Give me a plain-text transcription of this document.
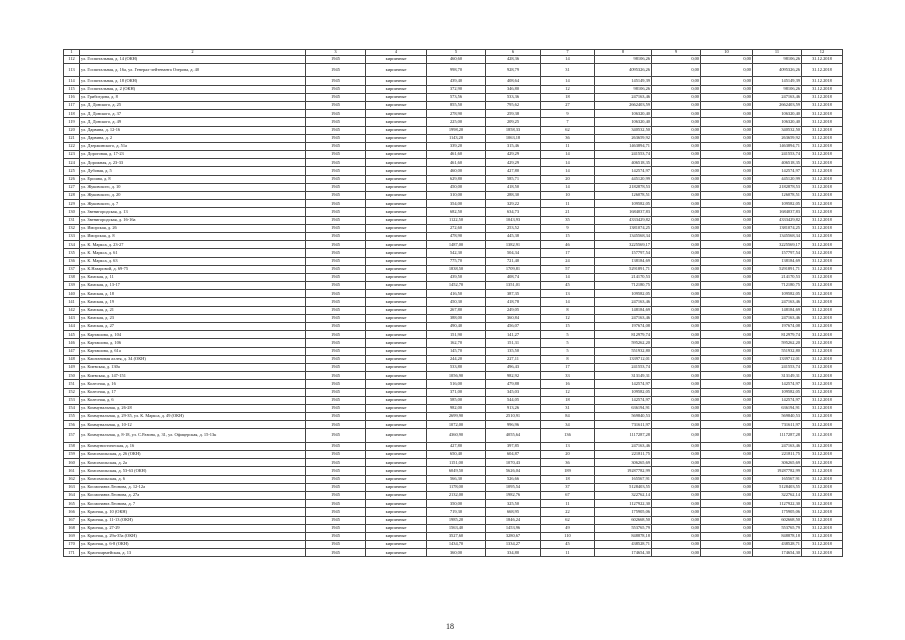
1	2	3	4	5	6	7	8	9	10	11	12
112	ул. Госпитальная, д. 14 (ОКН)	1945	кирпичные	460,60	428,36	14	98106,26	0,00	0,00	98106,26	31.12.2018
113	ул. Госпитальная, д. 16а, ул. Генерал-лейтенанта Озерова, д. 40	1945	кирпичные	998,70	928,79	31	4095326,26	0,00	0,00	4095326,26	31.12.2018
114	ул. Госпитальная, д. 18 (ОКН)	1945	кирпичные	439,40	408,64	14	145149,39	0,00	0,00	145149,39	31.12.2018
115	ул. Госпитальная, д. 2 (ОКН)	1945	кирпичные	372,90	346,80	12	98106,26	0,00	0,00	98106,26	31.12.2018
116	ул. Грибоедова, д. 8	1945	кирпичные	573,56	533,36	18	247163,46	0,00	0,00	247163,46	31.12.2018
117	ул. Д. Донского, д. 25	1945	кирпичные	855,50	795,62	27	2662403,59	0,00	0,00	2662403,59	31.12.2018
118	ул. Д. Донского, д. 37	1945	кирпичные	278,90	259,38	9	106320,40	0,00	0,00	106320,40	31.12.2018
119	ул. Д. Донского, д. 49	1945	кирпичные	225,00	209,25	7	106320,40	0,00	0,00	106320,40	31.12.2018
120	ул. Дарвина, д. 12-16	1945	кирпичные	1998,20	1858,33	62	340532,50	0,00	0,00	340532,50	31.12.2018
121	ул. Дарвина, д. 2	1945	кирпичные	1143,20	1063,18	36	263659,92	0,00	0,00	263659,92	31.12.2018
122	ул. Дзержинского, д. 51а	1945	кирпичные	339,20	315,46	11	1463894,71	0,00	0,00	1463894,71	31.12.2018
123	ул. Дороговая, д. 17-23	1945	кирпичные	461,60	429,29	14	241553,74	0,00	0,00	241553,74	31.12.2018
124	ул. Дорожная, д. 23-33	1945	кирпичные	461,60	429,29	14	406518,35	0,00	0,00	406518,35	31.12.2018
125	ул. Дубовая, д. 5	1945	кирпичные	460,00	427,80	14	142574,97	0,00	0,00	142574,97	31.12.2018
126	ул. Ерошва, д. 8	1945	кирпичные	629,80	585,71	20	445120,99	0,00	0,00	445120,99	31.12.2018
127	ул. Жуковского, д. 10	1945	кирпичные	450,00	418,50	14	2182878,53	0,00	0,00	2182878,53	31.12.2018
128	ул. Жуковского, д. 20	1945	кирпичные	310,00	288,30	10	126078,51	0,00	0,00	126078,51	31.12.2018
129	ул. Жуковского, д. 7	1945	кирпичные	354,00	329,22	11	109582,05	0,00	0,00	109582,05	31.12.2018
130	ул. Звенигородская, д. 13	1945	кирпичные	682,50	634,73	21	1684037,83	0,00	0,00	1684037,83	31.12.2018
131	ул. Звенигородская, д. 16-16а	1945	кирпичные	1122,50	1043,93	35	4333429,82	0,00	0,00	4333429,82	31.12.2018
132	ул. Иморская, д. 26	1945	кирпичные	272,60	253,52	9	1381074,25	0,00	0,00	1381074,25	31.12.2018
133	ул. Иморская, д. 8	1945	кирпичные	478,90	445,38	15	1345568,34	0,00	0,00	1345568,34	31.12.2018
134	ул. К. Маркса, д. 23-27	1945	кирпичные	1487,00	1382,91	46	3225569,17	0,00	0,00	3225569,17	31.12.2018
135	ул. К. Маркса, д. 61	1945	кирпичные	542,30	504,34	17	157797,54	0,00	0,00	157797,54	31.12.2018
136	ул. К. Маркса, д. 63	1945	кирпичные	775,70	721,40	24	138184,69	0,00	0,00	138184,69	31.12.2018
137	ул. К.Назаровой, д. 69-75	1945	кирпичные	1838,50	1709,81	57	5291891,71	0,00	0,00	5291891,71	31.12.2018
138	ул. Камская, д. 11	1945	кирпичные	439,50	408,74	14	214170,53	0,00	0,00	214170,53	31.12.2018
139	ул. Камская, д. 13-17	1945	кирпичные	1452,70	1351,01	45	712180,75	0,00	0,00	712180,75	31.12.2018
140	ул. Камская, д. 18	1945	кирпичные	416,50	387,35	13	109582,05	0,00	0,00	109582,05	31.12.2018
141	ул. Камская, д. 19	1945	кирпичные	450,30	418,78	14	247163,46	0,00	0,00	247163,46	31.12.2018
142	ул. Камская, д. 21	1945	кирпичные	267,80	249,05	8	148184,69	0,00	0,00	148184,69	31.12.2018
143	ул. Камская, д. 23	1945	кирпичные	388,00	360,84	12	247163,46	0,00	0,00	247163,46	31.12.2018
144	ул. Камская, д. 27	1945	кирпичные	490,40	456,07	15	197674,08	0,00	0,00	197674,08	31.12.2018
145	ул. Карташова, д. 104	1945	кирпичные	151,90	141,27	5	812979,74	0,00	0,00	812979,74	31.12.2018
146	ул. Карташова, д. 106	1945	кирпичные	162,70	151,31	5	595262,20	0,00	0,00	595262,20	31.12.2018
147	ул. Карташова, д. 61а	1945	кирпичные	145,70	135,50	5	551932,80	0,00	0,00	551932,80	31.12.2018
148	ул. Каштановая аллея, д. 34 (ОКН)	1945	кирпичные	244,20	227,11	8	1339712,01	0,00	0,00	1339712,01	31.12.2018
149	ул. Киевская, д. 130а	1945	кирпичные	533,80	496,43	17	241553,74	0,00	0,00	241553,74	31.12.2018
150	ул. Киевская, д. 147-151	1945	кирпичные	1056,90	982,92	33	313149,31	0,00	0,00	313149,31	31.12.2018
151	ул. Колесная, д. 16	1945	кирпичные	516,00	479,88	16	142574,97	0,00	0,00	142574,97	31.12.2018
152	ул. Колесная, д. 17	1945	кирпичные	371,00	345,03	12	109582,05	0,00	0,00	109582,05	31.12.2018
153	ул. Колесная, д. 6	1945	кирпичные	585,00	544,05	18	142574,97	0,00	0,00	142574,97	31.12.2018
154	ул. Коммунальная, д. 26-28	1945	кирпичные	982,00	913,26	31	636194,91	0,00	0,00	636194,91	31.12.2018
155	ул. Коммунальная, д. 29-35, ул. К. Маркса, д. 49 (ОКН)	1945	кирпичные	2699,90	2510,91	84	569840,53	0,00	0,00	569840,53	31.12.2018
156	ул. Коммунальная, д. 10-12	1945	кирпичные	1072,00	996,96	34	731611,97	0,00	0,00	731611,97	31.12.2018
157	ул. Коммунальная, д. 8-18, ул. С.Разина, д. 31, ул. Офицерская, д. 15-13к	1945	кирпичные	4360,90	4055,64	136	1117287,28	0,00	0,00	1117287,28	31.12.2018
158	ул. Коммунистическая, д. 16	1945	кирпичные	427,80	397,85	13	247163,46	0,00	0,00	247163,46	31.12.2018
159	ул. Комсомольская, д. 26 (ОКН)	1945	кирпичные	650,40	604,87	20	221811,75	0,00	0,00	221811,75	31.12.2018
160	ул. Комсомольская, д. 2а	1945	кирпичные	1151,00	1070,43	36	306265,69	0,00	0,00	306265,69	31.12.2018
161	ул. Комсомольская, д. 53-63 (ОКН)	1945	кирпичные	6049,50	5626,04	189	19287782,99	0,00	0,00	19287782,99	31.12.2018
162	ул. Комсомольская, д. 6	1945	кирпичные	566,30	526,66	18	165567,91	0,00	0,00	165567,91	31.12.2018
163	ул. Космонавта Леонова, д. 12-12а	1945	кирпичные	1178,00	1095,54	37	5128403,55	0,00	0,00	5128403,55	31.12.2018
164	ул. Космонавта Леонова, д. 27а	1945	кирпичные	2132,00	1982,76	67	322762,14	0,00	0,00	322762,14	31.12.2018
165	ул. Космонавта Леонова, д. 7	1945	кирпичные	350,00	325,50	11	1127922,30	0,00	0,00	1127922,30	31.12.2018
166	ул. Красная, д. 10 (ОКН)	1945	кирпичные	719,30	668,95	22	175905,06	0,00	0,00	175905,06	31.12.2018
167	ул. Красная, д. 11-13 (ОКН)	1945	кирпичные	1985,20	1846,24	62	602668,50	0,00	0,00	602668,50	31.12.2018
168	ул. Красная, д. 27-29	1945	кирпичные	1563,40	1453,96	49	553765,79	0,00	0,00	553765,79	31.12.2018
169	ул. Красная, д. 29а-35а (ОКН)	1945	кирпичные	3527,60	3280,67	110	848878,18	0,00	0,00	848878,18	31.12.2018
170	ул. Красная, д. 6-8 (ОКН)	1945	кирпичные	1434,70	1334,27	45	438528,71	0,00	0,00	438528,71	31.12.2018
171	ул. Красноармейская, д. 13	1945	кирпичные	360,00	334,80	11	174654,30	0,00	0,00	174654,30	31.12.2018
18
